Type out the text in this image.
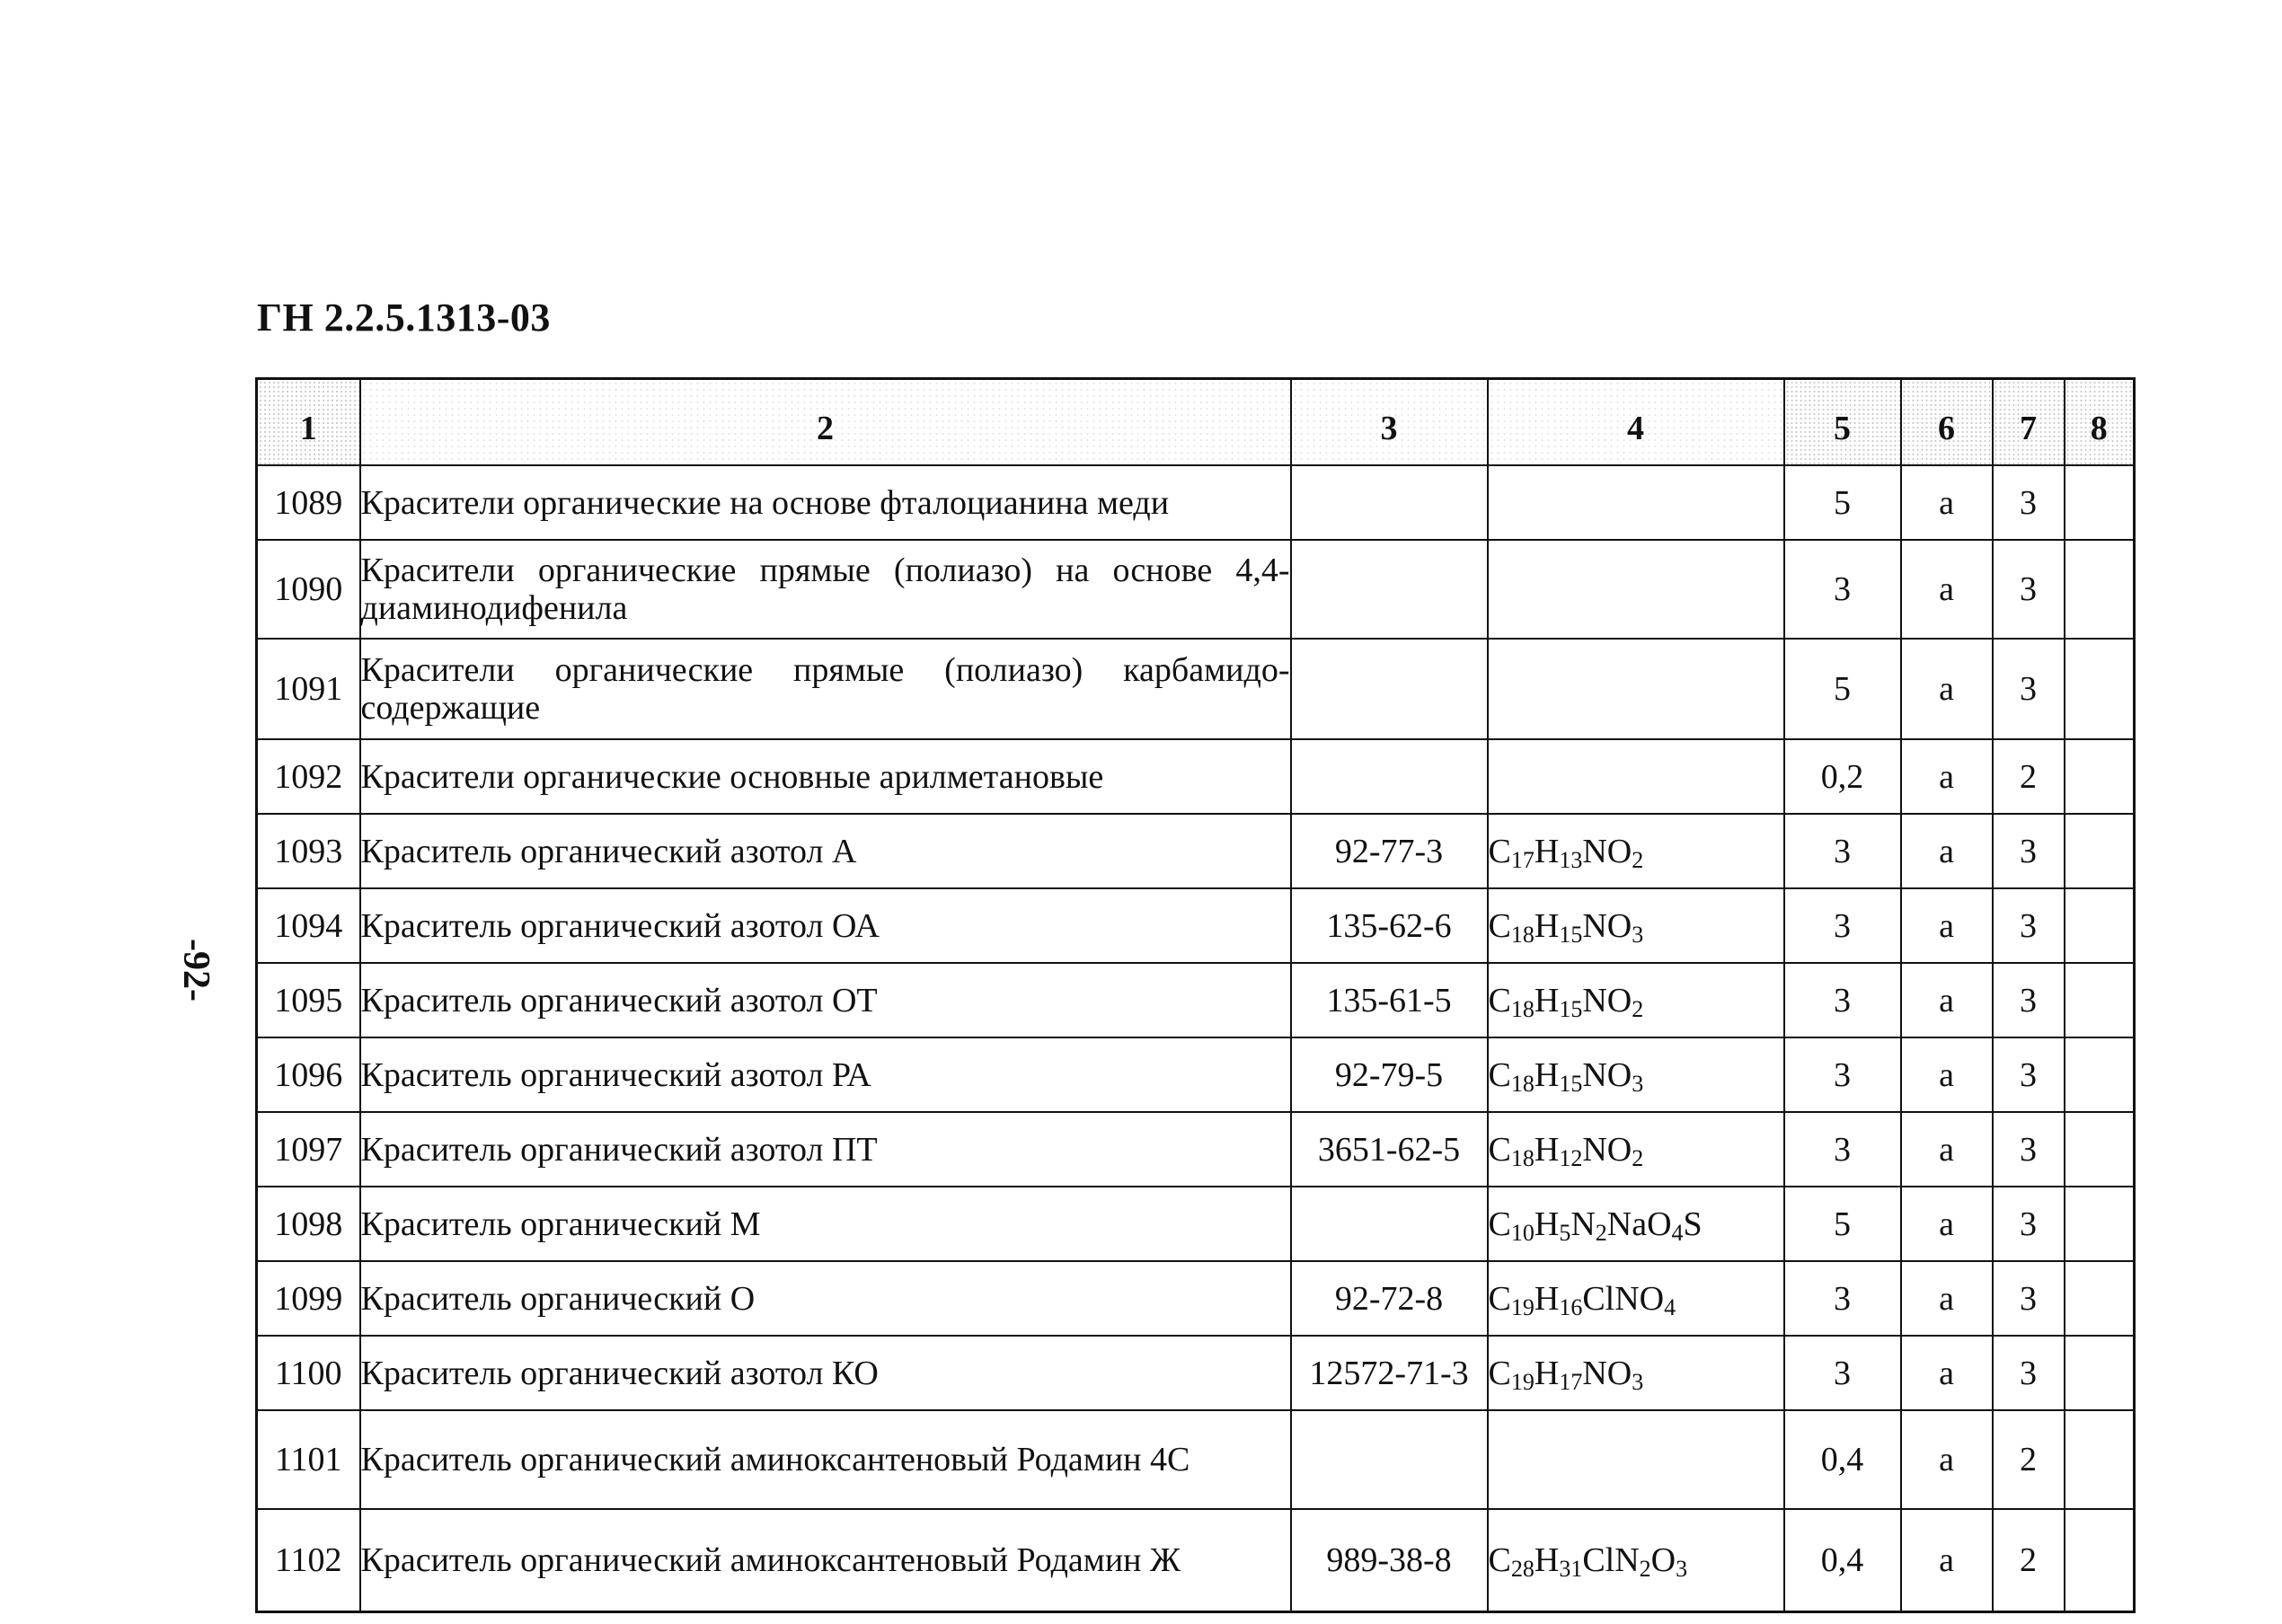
ГН 2.2.5.1313-03
-92-
1	2	3	4	5	6	7	8
1089	Красители органические на основе фталоцианина меди			5	а	3	
1090	Красители органические прямые (полиазо) на основе 4,4-диаминодифенила			3	а	3	
1091	Красители органические прямые (полиазо) карбамидо-содержащие			5	а	3	
1092	Красители органические основные арилметановые			0,2	а	2	
1093	Краситель органический азотол А	92-77-3	$C_{17}H_{13}NO_2$	3	а	3	
1094	Краситель органический азотол ОА	135-62-6	$C_{18}H_{15}NO_3$	3	а	3	
1095	Краситель органический азотол ОТ	135-61-5	$C_{18}H_{15}NO_2$	3	а	3	
1096	Краситель органический азотол РА	92-79-5	$C_{18}H_{15}NO_3$	3	а	3	
1097	Краситель органический азотол ПТ	3651-62-5	$C_{18}H_{12}NO_2$	3	а	3	
1098	Краситель органический М		$C_{10}H_5N_2NaO_4S$	5	а	3	
1099	Краситель органический О	92-72-8	$C_{19}H_{16}ClNO_4$	3	а	3	
1100	Краситель органический азотол КО	12572-71-3	$C_{19}H_{17}NO_3$	3	а	3	
1101	Краситель органический аминоксантеновый Родамин 4С			0,4	а	2	
1102	Краситель органический аминоксантеновый Родамин Ж	989-38-8	$C_{28}H_{31}ClN_2O_3$	0,4	а	2	
